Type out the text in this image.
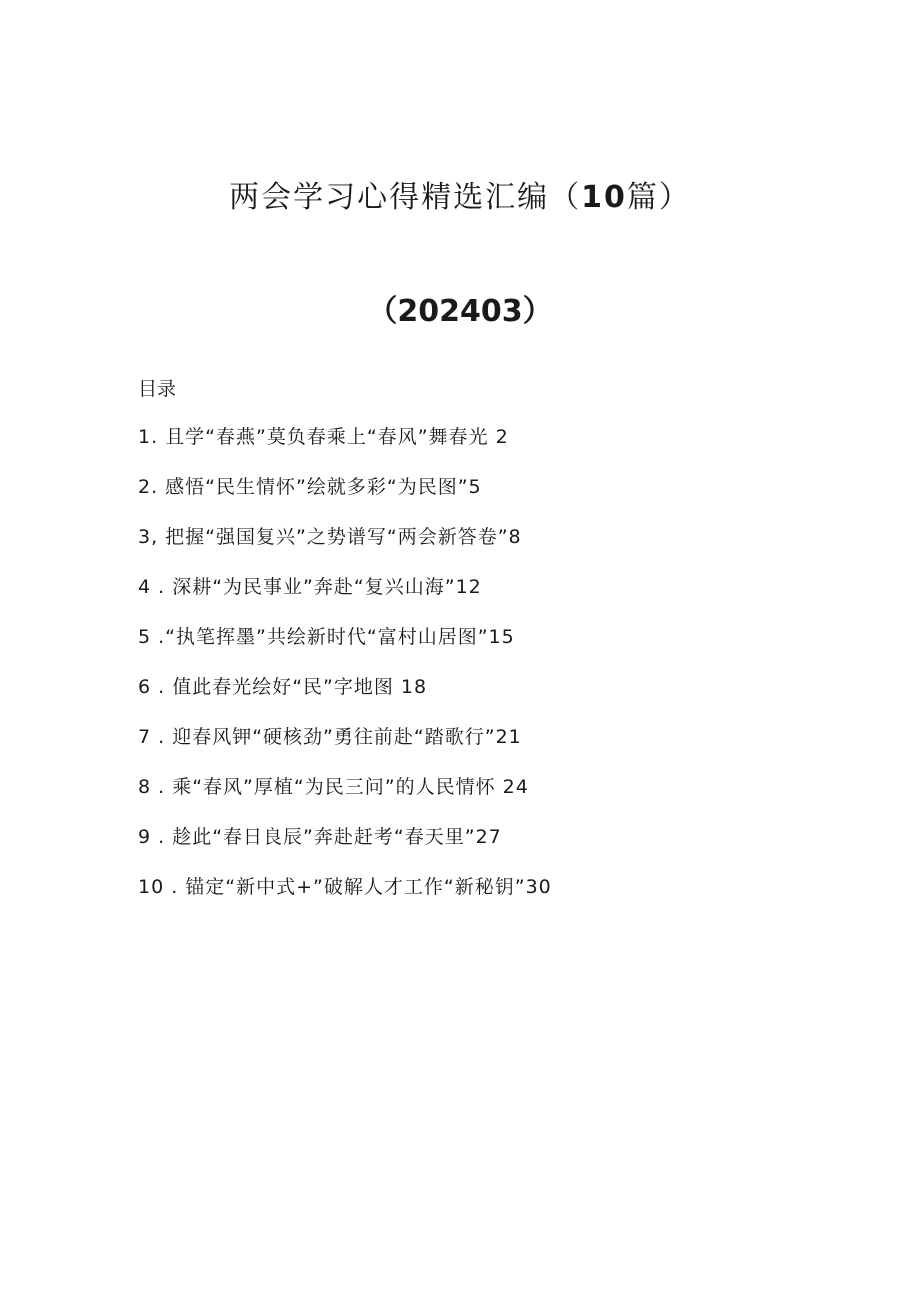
两会学习心得精选汇编（10篇）
（202403）
目录
1. 且学“春燕”莫负春乘上“春风”舞春光 2
2. 感悟“民生情怀”绘就多彩“为民图”5
3, 把握“强国复兴”之势谱写“两会新答卷”8
4 . 深耕“为民事业”奔赴“复兴山海”12
5 .“执笔挥墨”共绘新时代“富村山居图”15
6 . 值此春光绘好“民”字地图 18
7 . 迎春风钾“硬核劲”勇往前赴“踏歌行”21
8 . 乘“春风”厚植“为民三问”的人民情怀 24
9 . 趁此“春日良辰”奔赴赶考“春天里”27
10 . 锚定“新中式+”破解人才工作“新秘钥”30
